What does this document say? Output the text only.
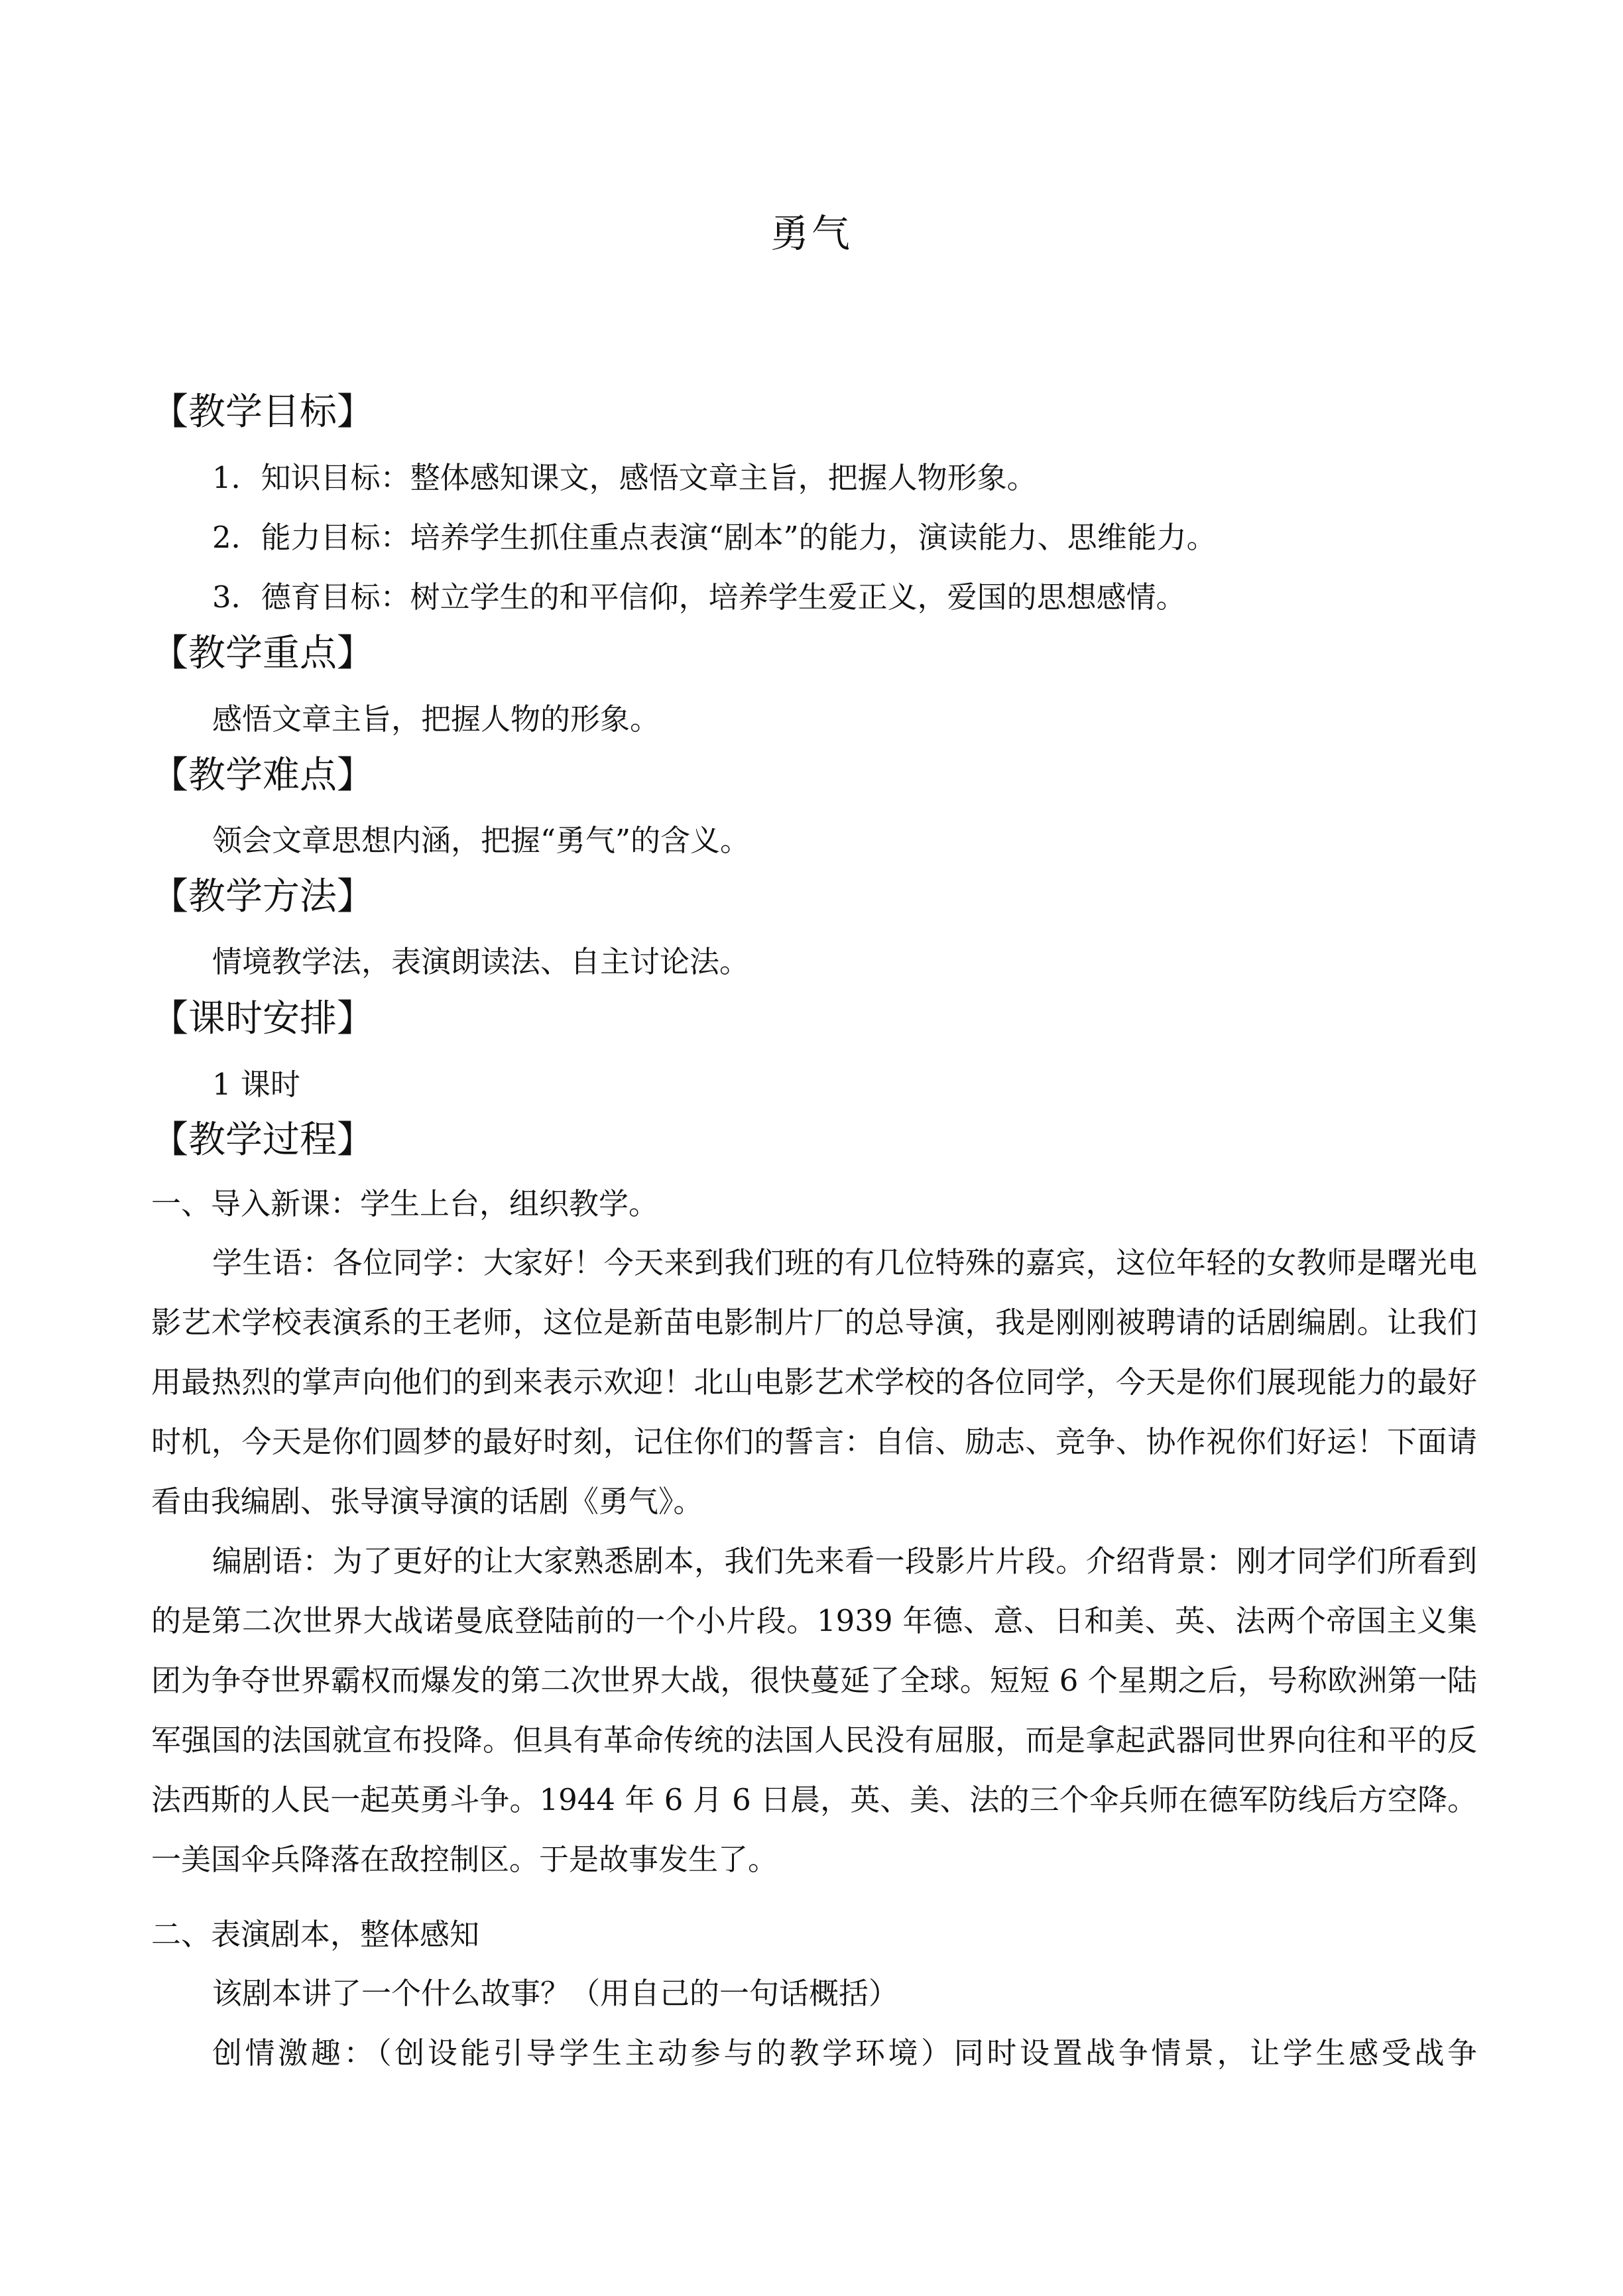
勇气
【教学目标】
1．知识目标：整体感知课文，感悟文章主旨，把握人物形象。
2．能力目标：培养学生抓住重点表演“剧本”的能力，演读能力、思维能力。
3．德育目标：树立学生的和平信仰，培养学生爱正义，爱国的思想感情。
【教学重点】
感悟文章主旨，把握人物的形象。
【教学难点】
领会文章思想内涵，把握“勇气”的含义。
【教学方法】
情境教学法，表演朗读法、自主讨论法。
【课时安排】
1 课时
【教学过程】
一、导入新课：学生上台，组织教学。
学生语：各位同学：大家好！今天来到我们班的有几位特殊的嘉宾，这位年轻的女教师是曙光电影艺术学校表演系的王老师，这位是新苗电影制片厂的总导演，我是刚刚被聘请的话剧编剧。让我们用最热烈的掌声向他们的到来表示欢迎！北山电影艺术学校的各位同学，今天是你们展现能力的最好时机，今天是你们圆梦的最好时刻，记住你们的誓言：自信、励志、竞争、协作祝你们好运！下面请看由我编剧、张导演导演的话剧《勇气》。
编剧语：为了更好的让大家熟悉剧本，我们先来看一段影片片段。介绍背景：刚才同学们所看到的是第二次世界大战诺曼底登陆前的一个小片段。1939 年德、意、日和美、英、法两个帝国主义集团为争夺世界霸权而爆发的第二次世界大战，很快蔓延了全球。短短 6 个星期之后，号称欧洲第一陆军强国的法国就宣布投降。但具有革命传统的法国人民没有屈服，而是拿起武器同世界向往和平的反法西斯的人民一起英勇斗争。1944 年 6 月 6 日晨，英、美、法的三个伞兵师在德军防线后方空降。一美国伞兵降落在敌控制区。于是故事发生了。
二、表演剧本，整体感知
该剧本讲了一个什么故事？（用自己的一句话概括）
创情激趣：（创设能引导学生主动参与的教学环境）同时设置战争情景，让学生感受战争
